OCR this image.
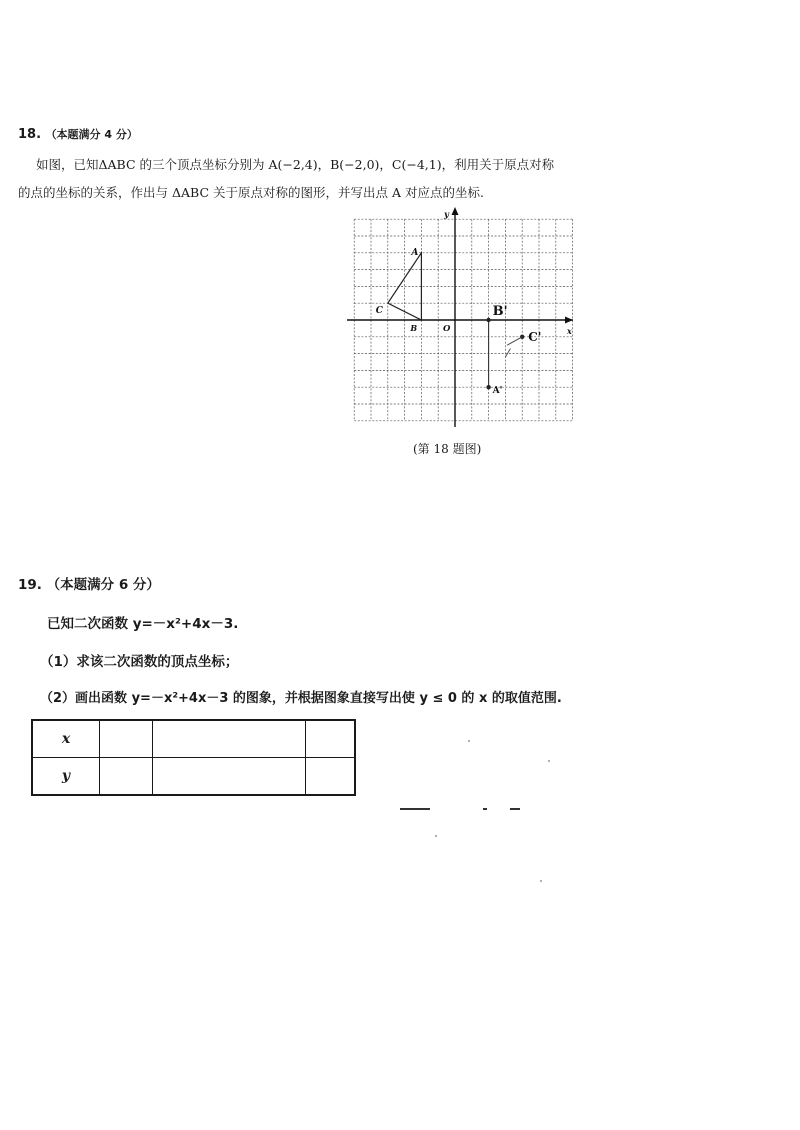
18. （本题满分 4 分）
如图，已知ΔABC 的三个顶点坐标分别为 A(−2,4)，B(−2,0)，C(−4,1)，利用关于原点对称
的点的坐标的关系，作出与 ΔABC 关于原点对称的图形，并写出点 A 对应点的坐标.
A
B
C
O	x
y
B'
C'
A'
(第 18 题图)
19. （本题满分 6 分）
已知二次函数 y=－x²+4x－3.
（1）求该二次函数的顶点坐标；
（2）画出函数 y=－x²+4x－3 的图象，并根据图象直接写出使 y ≤ 0 的 x 的取值范围.
x			
y			
